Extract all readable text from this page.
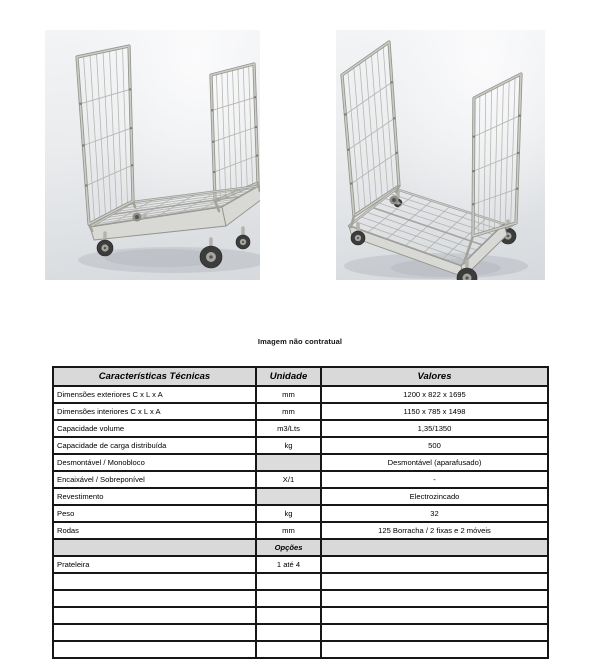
Imagem não contratual
Características Técnicas	Unidade	Valores
Dimensões exteriores C x L x A	mm	1200 x 822 x 1695
Dimensões interiores C x L x A	mm	1150 x 785 x 1498
Capacidade volume	m3/Lts	1,35/1350
Capacidade de carga distribuída	kg	500
Desmontável / Monobloco		Desmontável (aparafusado)
Encaixável / Sobreponível	X/1	-
Revestimento		Electrozincado
Peso	kg	32
Rodas	mm	125 Borracha / 2 fixas e 2 móveis
	Opções	
Prateleira	1 até 4	
